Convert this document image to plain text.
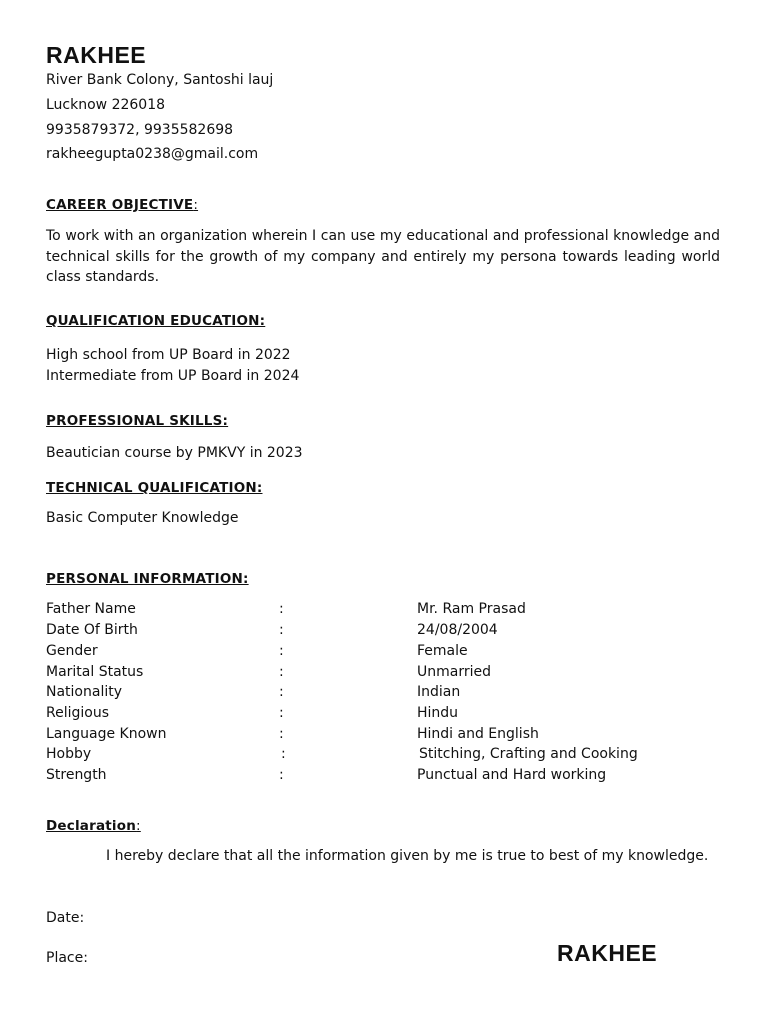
RAKHEE
River Bank Colony, Santoshi lauj
Lucknow 226018
9935879372, 9935582698
rakheegupta0238@gmail.com
CAREER OBJECTIVE:
To work with an organization wherein I can use my educational and professional knowledge and technical skills for the growth of my company and entirely my persona towards leading world class standards.
QUALIFICATION EDUCATION:
High school from UP Board in 2022
Intermediate from UP Board in 2024
PROFESSIONAL SKILLS:
Beautician course by PMKVY in 2023
TECHNICAL QUALIFICATION:
Basic Computer Knowledge
PERSONAL INFORMATION:
Father Name	:	Mr. Ram Prasad
Date Of Birth	:	24/08/2004
Gender	:	Female
Marital Status	:	Unmarried
Nationality	:	Indian
Religious	:	Hindu
Language Known	:	Hindi and English
Hobby	:	Stitching, Crafting and Cooking
Strength	:	Punctual and Hard working
Declaration:
I hereby declare that all the information given by me is true to best of my knowledge.
Date:
Place:	RAKHEE
